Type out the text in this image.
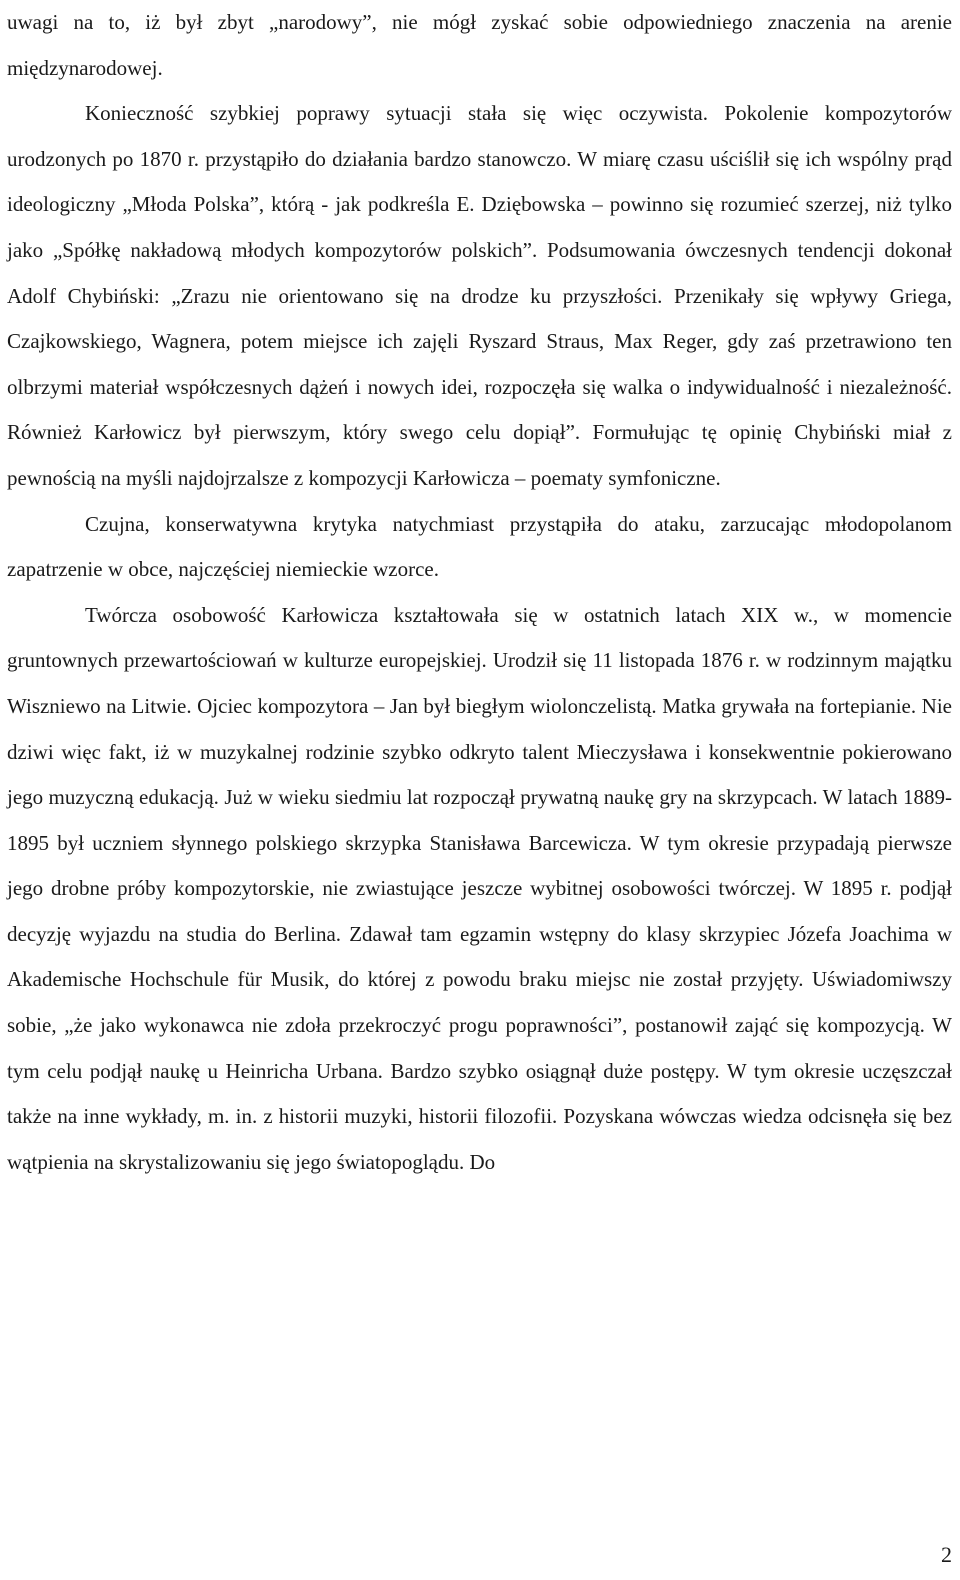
uwagi na to, iż był zbyt „narodowy”, nie mógł zyskać sobie odpowiedniego znaczenia na arenie międzynarodowej.

Konieczność szybkiej poprawy sytuacji stała się więc oczywista. Pokolenie kompozytorów urodzonych po 1870 r. przystąpiło do działania bardzo stanowczo. W miarę czasu uściślił się ich wspólny prąd ideologiczny „Młoda Polska”, którą - jak podkreśla E. Dziębowska – powinno się rozumieć szerzej, niż tylko jako „Spółkę nakładową młodych kompozytorów polskich”. Podsumowania ówczesnych tendencji dokonał Adolf Chybiński: „Zrazu nie orientowano się na drodze ku przyszłości. Przenikały się wpływy Griega, Czajkowskiego, Wagnera, potem miejsce ich zajęli Ryszard Straus, Max Reger, gdy zaś przetrawiono ten olbrzymi materiał współczesnych dążeń i nowych idei, rozpoczęła się walka o indywidualność i niezależność. Również Karłowicz był pierwszym, który swego celu dopiął”. Formułując tę opinię Chybiński miał z pewnością na myśli najdojrzalsze z kompozycji Karłowicza – poematy symfoniczne.

Czujna, konserwatywna krytyka natychmiast przystąpiła do ataku, zarzucając młodopolanom zapatrzenie w obce, najczęściej niemieckie wzorce.

Twórcza osobowość Karłowicza kształtowała się w ostatnich latach XIX w., w momencie gruntownych przewartościowań w kulturze europejskiej. Urodził się 11 listopada 1876 r. w rodzinnym majątku Wiszniewo na Litwie. Ojciec kompozytora – Jan był biegłym wiolonczelistą. Matka grywała na fortepianie. Nie dziwi więc fakt, iż w muzykalnej rodzinie szybko odkryto talent Mieczysława i konsekwentnie pokierowano jego muzyczną edukacją. Już w wieku siedmiu lat rozpoczął prywatną naukę gry na skrzypcach. W latach 1889-1895 był uczniem słynnego polskiego skrzypka Stanisława Barcewicza. W tym okresie przypadają pierwsze jego drobne próby kompozytorskie, nie zwiastujące jeszcze wybitnej osobowości twórczej. W 1895 r. podjął decyzję wyjazdu na studia do Berlina. Zdawał tam egzamin wstępny do klasy skrzypiec Józefa Joachima w Akademische Hochschule für Musik, do której z powodu braku miejsc nie został przyjęty. Uświadomiwszy sobie, „że jako wykonawca nie zdoła przekroczyć progu poprawności”, postanowił zająć się kompozycją. W tym celu podjął naukę u Heinricha Urbana. Bardzo szybko osiągnął duże postępy. W tym okresie uczęszczał także na inne wykłady, m. in. z historii muzyki, historii filozofii. Pozyskana wówczas wiedza odcisnęła się bez wątpienia na skrystalizowaniu się jego światopoglądu. Do

2
